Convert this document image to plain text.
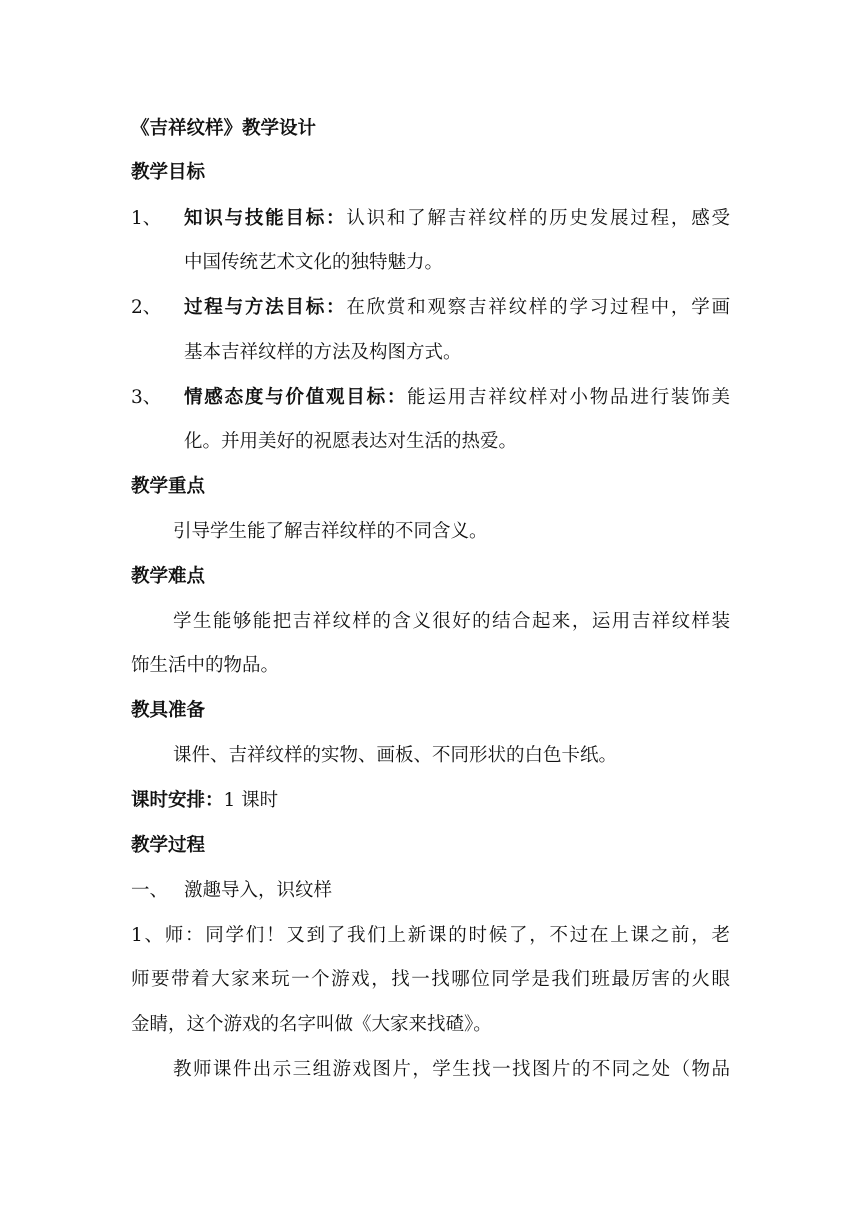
《吉祥纹样》教学设计
教学目标
1、 知识与技能目标：认识和了解吉祥纹样的历史发展过程，感受
中国传统艺术文化的独特魅力。
2、 过程与方法目标：在欣赏和观察吉祥纹样的学习过程中，学画
基本吉祥纹样的方法及构图方式。
3、 情感态度与价值观目标：能运用吉祥纹样对小物品进行装饰美
化。并用美好的祝愿表达对生活的热爱。
教学重点
引导学生能了解吉祥纹样的不同含义。
教学难点
学生能够能把吉祥纹样的含义很好的结合起来，运用吉祥纹样装
饰生活中的物品。
教具准备
课件、吉祥纹样的实物、画板、不同形状的白色卡纸。
课时安排：1 课时
教学过程
一、 激趣导入，识纹样
1、师：同学们！又到了我们上新课的时候了，不过在上课之前，老
师要带着大家来玩一个游戏，找一找哪位同学是我们班最厉害的火眼
金睛，这个游戏的名字叫做《大家来找碴》。
教师课件出示三组游戏图片，学生找一找图片的不同之处（物品
